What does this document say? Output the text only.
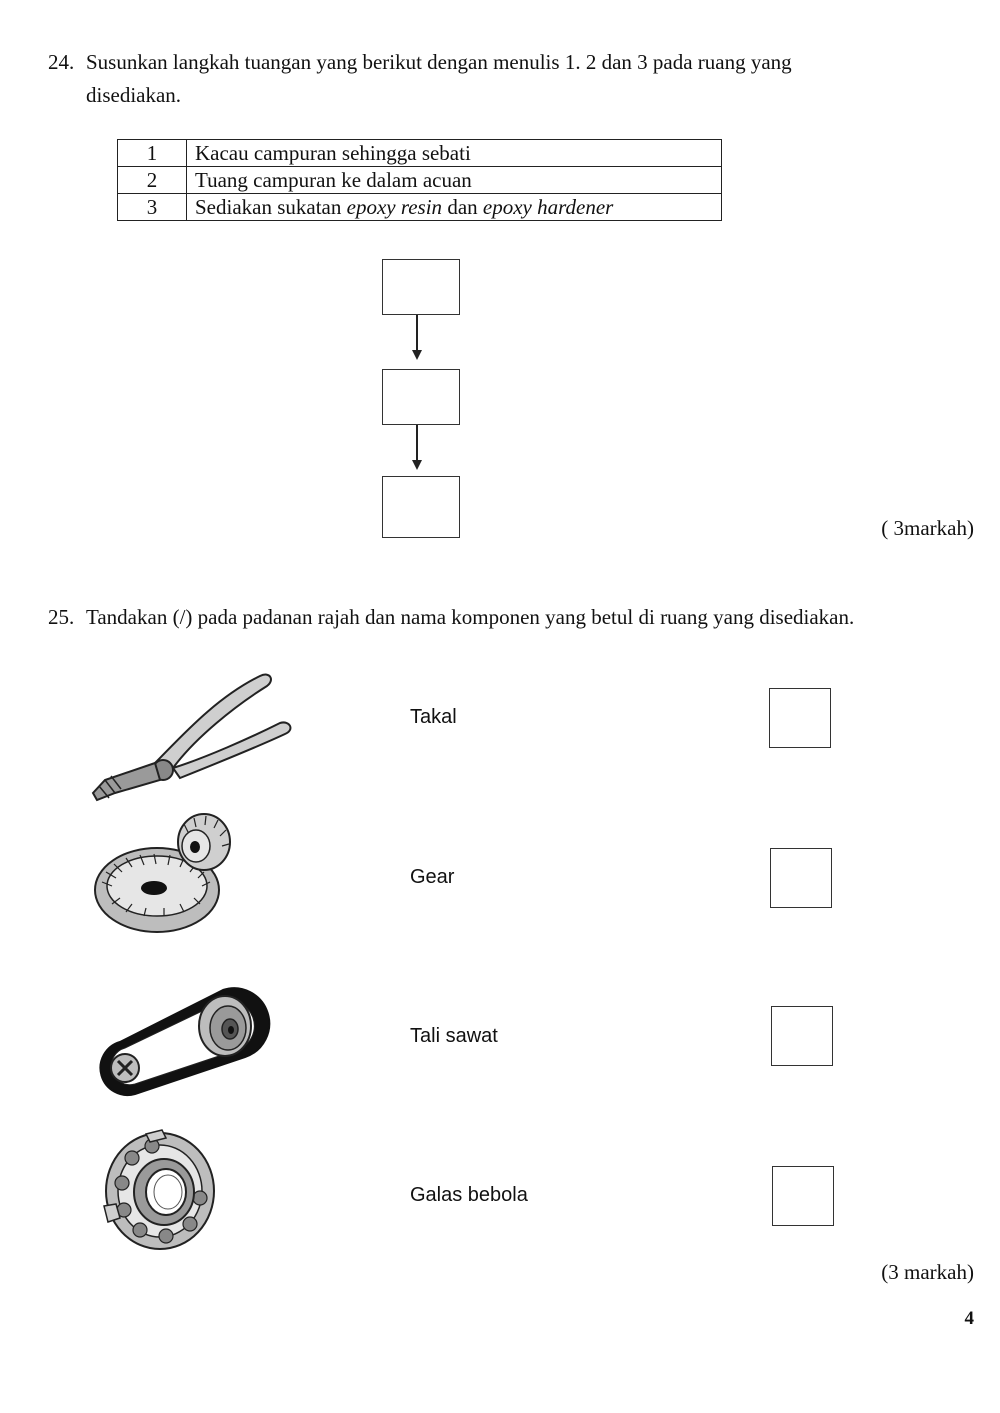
24. Susunkan langkah tuangan yang berikut dengan menulis 1. 2 dan 3 pada ruang yang
disediakan.
1	Kacau campuran sehingga sebati
2	Tuang campuran ke dalam acuan
3	Sediakan sukatan epoxy resin dan epoxy hardener
( 3markah)
25. Tandakan (/) pada padanan rajah dan nama komponen yang betul di ruang yang disediakan.
Takal
Gear
Tali sawat
Galas bebola
(3 markah)
4
